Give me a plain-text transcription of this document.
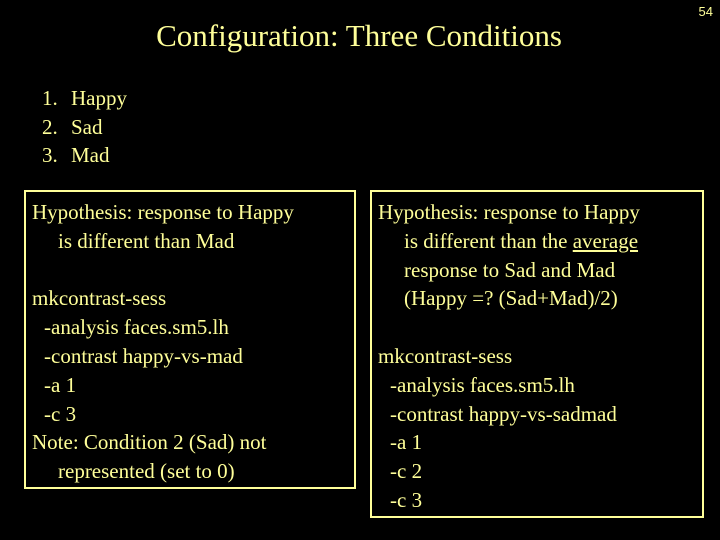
54
Configuration: Three Conditions
1. Happy
2. Sad
3. Mad
Hypothesis: response to Happy
is different than Mad
mkcontrast-sess
-analysis faces.sm5.lh
-contrast happy-vs-mad
-a 1
-c 3
Note: Condition 2 (Sad) not
represented (set to 0)
Hypothesis: response to Happy
is different than the average
response to Sad and Mad
(Happy =? (Sad+Mad)/2)
mkcontrast-sess
-analysis faces.sm5.lh
-contrast happy-vs-sadmad
-a 1
-c 2
-c 3
